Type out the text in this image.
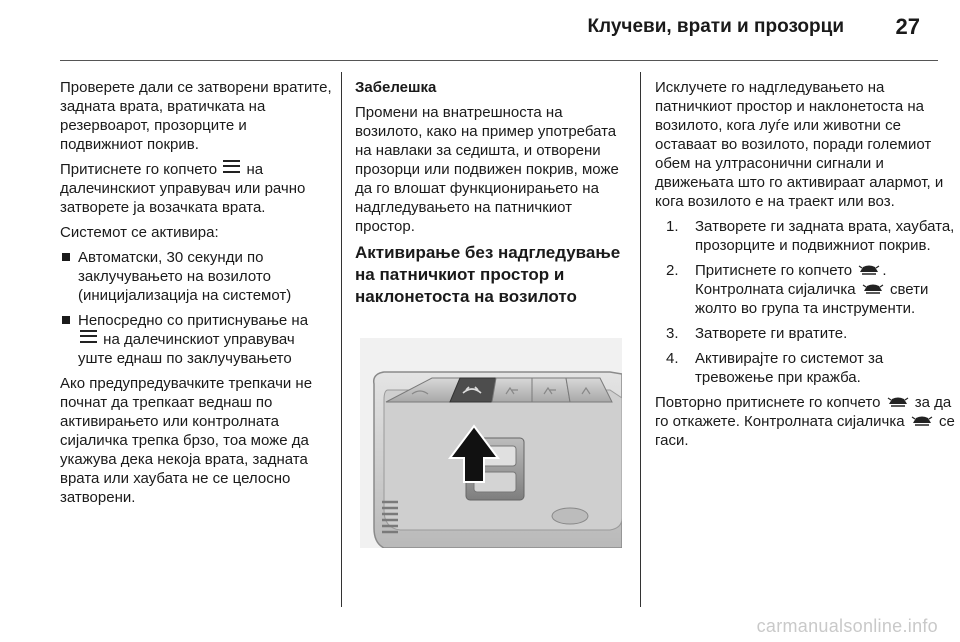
Клучеви, врати и прозорци 27

Проверете дали се затворени вратите, задната врата, вратичката на резервоарот, прозорците и подвижниот покрив.

Притиснете го копчето на далечинскиот управувач или рачно затворете ја возачката врата.

Системот се активира:

Автоматски, 30 секунди по заклучувањето на возилото (иницијализација на системот)
Непосредно со притиснување на  на далечинскиот управувач уште еднаш по заклучувањето

Ако предупредувачките трепкачи не почнат да трепкаат веднаш по активирањето или контролната сијаличка трепка брзо, тоа може да укажува дека некоја врата, задната врата или хаубата не се целосно затворени.

Забелешка

Промени на внатрешноста на возилото, како на пример употребата на навлаки за седишта, и отворени прозорци или подвижен покрив, може да го влошат функционирањето на надгледувањето на патничкиот простор.

Активирање без надгледување на патничкиот простор и наклонетоста на возилото

Исклучете го надгледувањето на патничкиот простор и наклонетоста на возилото, кога луѓе или животни се оставаат во возилото, поради големиот обем на ултрасонични сигнали и движењата што го активираат алармот, и кога возилото е на траект или воз.

1. Затворете ги задната врата, хаубата, прозорците и подвижниот покрив.
2. Притиснете го копчето . Контролната сијаличка свети жолто во група та инструменти.
3. Затворете ги вратите.
4. Активирајте го системот за тревожење при кражба.

Повторно притиснете го копчето за да го откажете. Контролната сијаличка се гаси.

carmanualsonline.info
